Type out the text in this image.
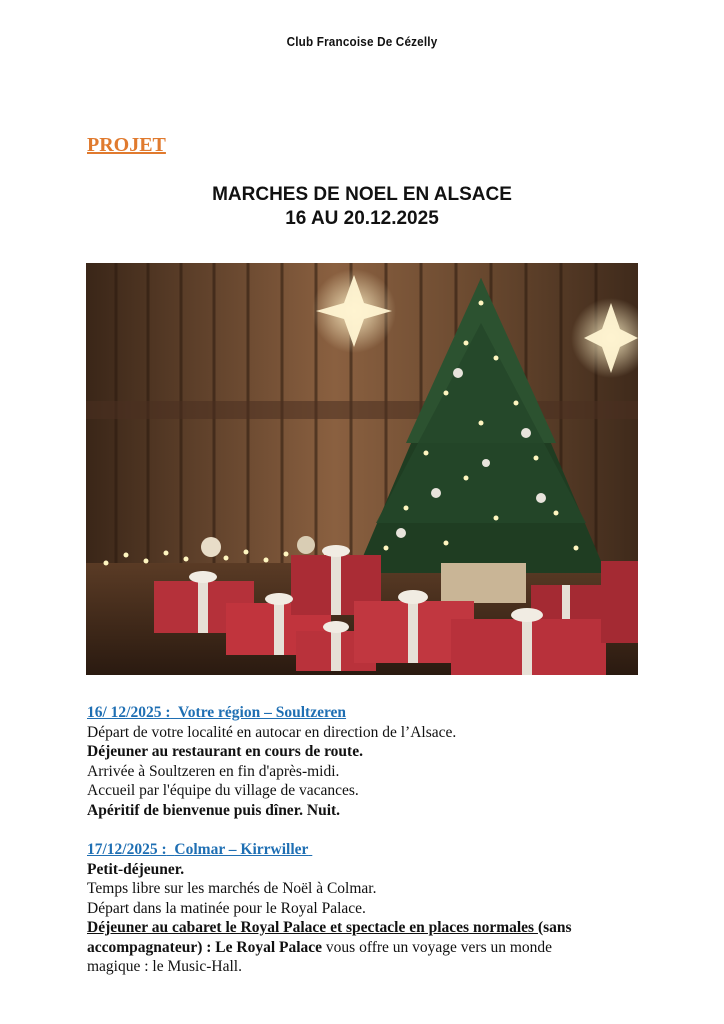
Club Francoise De Cézelly
PROJET
MARCHES DE NOEL EN ALSACE
16 AU 20.12.2025

16/ 12/2025 : Votre région – Soultzeren

Départ de votre localité en autocar en direction de l’Alsace.

Déjeuner au restaurant en cours de route.

Arrivée à Soultzeren en fin d'après-midi.

Accueil par l'équipe du village de vacances.

Apéritif de bienvenue puis dîner. Nuit.

17/12/2025 : Colmar – Kirrwiller

Petit-déjeuner.

Temps libre sur les marchés de Noël à Colmar.

Départ dans la matinée pour le Royal Palace.

Déjeuner au cabaret le Royal Palace et spectacle en places normales (sans

accompagnateur) : Le Royal Palace vous offre un voyage vers un monde

magique : le Music-Hall.
